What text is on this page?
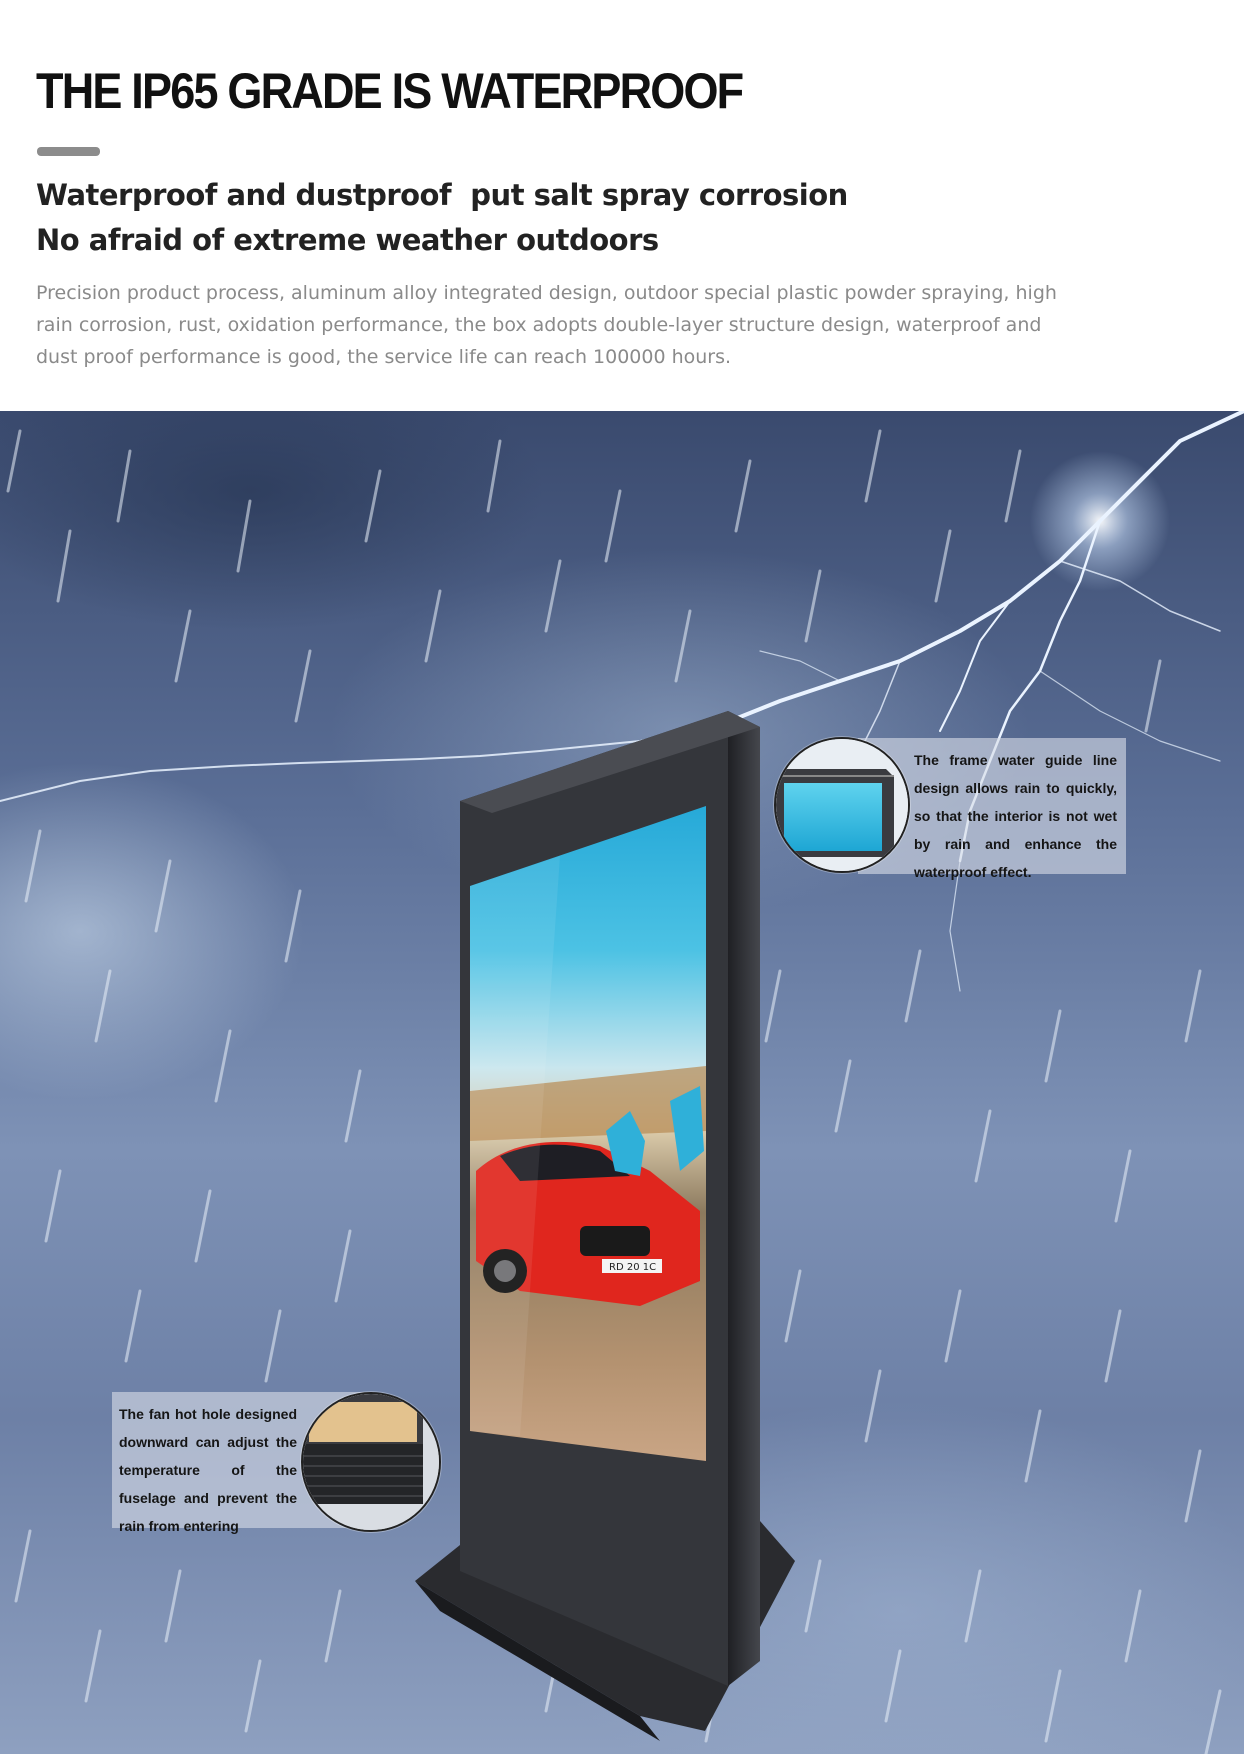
THE IP65 GRADE IS WATERPROOF
Waterproof and dustproof  put salt spray corrosion
No afraid of extreme weather outdoors

Precision product process, aluminum alloy integrated design, outdoor special plastic powder spraying, high rain corrosion, rust, oxidation performance, the box adopts double-layer structure design, waterproof and dust proof performance is good, the service life can reach 100000 hours.

RD 20 1C
The frame water guide line design allows rain to quickly, so that the interior is not wet by rain and enhance the waterproof effect.
The fan hot hole designed downward can adjust the temperature of the fuselage and prevent the rain from entering
